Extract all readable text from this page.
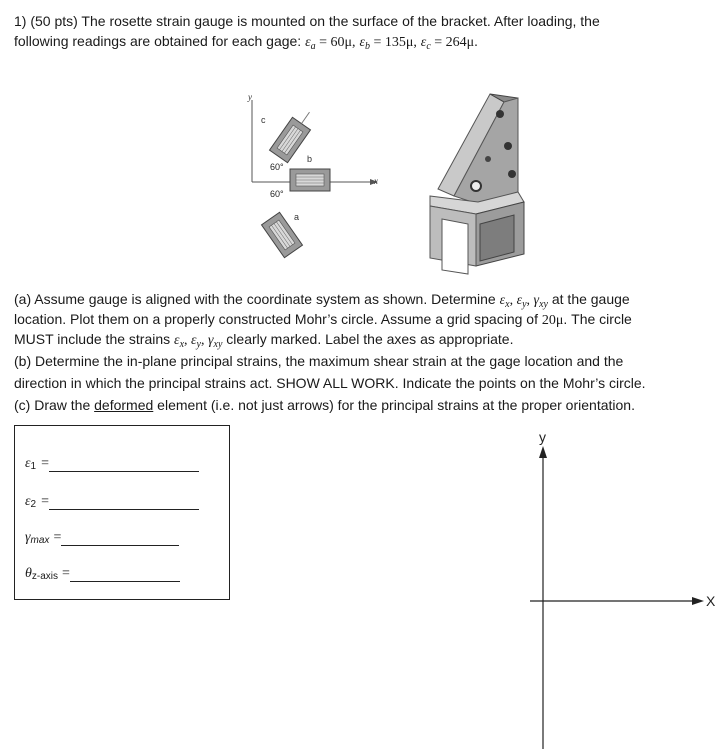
1) (50 pts) The rosette strain gauge is mounted on the surface of the bracket. After loading, the
following readings are obtained for each gage: $\varepsilon_a = 60\mu$, $\varepsilon_b = 135\mu$, $\varepsilon_c = 264\mu$.
y
x
c
b
a
60°
60°
(a) Assume gauge is aligned with the coordinate system as shown. Determine $\varepsilon_x$, $\varepsilon_y$, $\gamma_{xy}$ at the gauge
location. Plot them on a properly constructed Mohr’s circle. Assume a grid spacing of 20μ. The circle
MUST include the strains $\varepsilon_x$, $\varepsilon_y$, $\gamma_{xy}$ clearly marked. Label the axes as appropriate.
(b) Determine the in-plane principal strains, the maximum shear strain at the gage location and the
direction in which the principal strains act. SHOW ALL WORK. Indicate the points on the Mohr’s circle.
(c) Draw the deformed element (i.e. not just arrows) for the principal strains at the proper orientation.
ε 1 =
ε 2 =
γ max =
θ z-axis =
y
X
